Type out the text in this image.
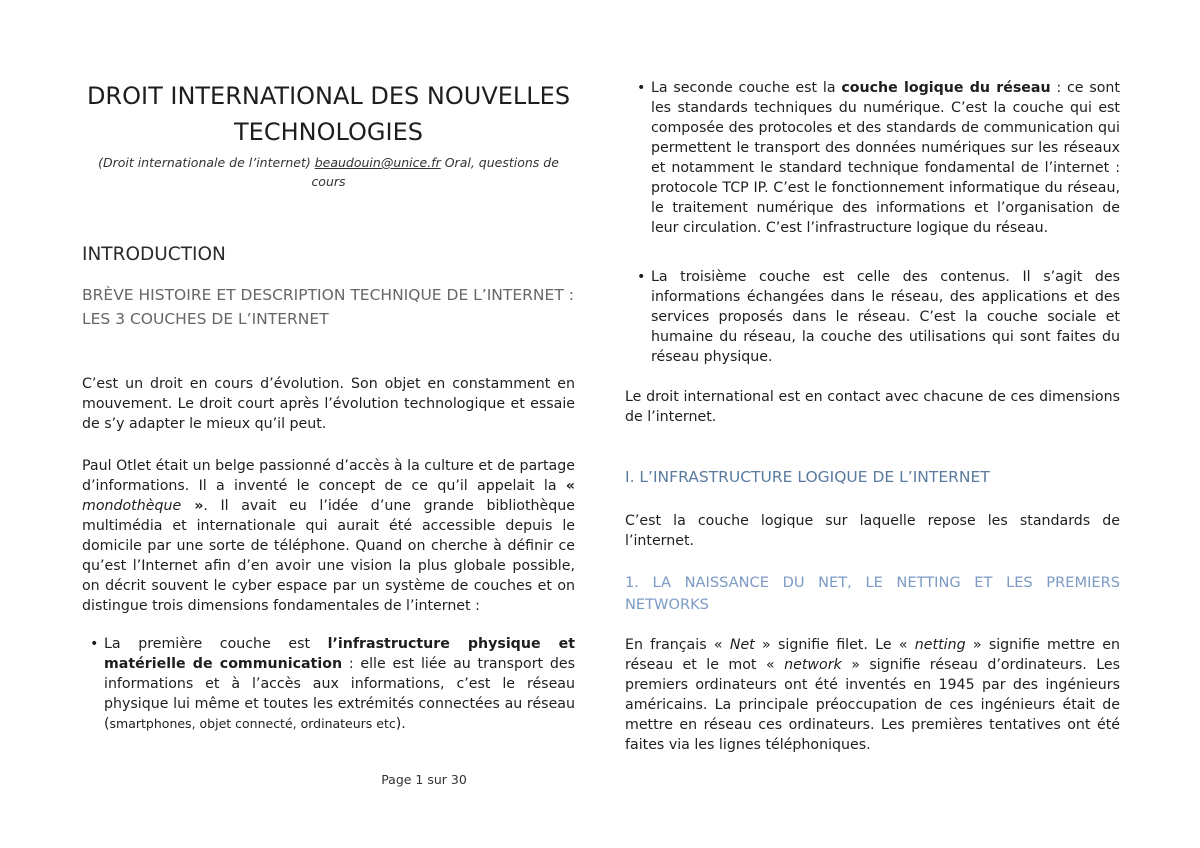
DROIT INTERNATIONAL DES NOUVELLES TECHNOLOGIES
(Droit internationale de l’internet) beaudouin@unice.fr Oral, questions de cours
INTRODUCTION
BRÈVE HISTOIRE ET DESCRIPTION TECHNIQUE DE L’INTERNET :
LES 3 COUCHES DE L’INTERNET

C’est un droit en cours d’évolution. Son objet en constamment en mouvement. Le droit court après l’évolution technologique et essaie de s’y adapter le mieux qu’il peut.

Paul Otlet était un belge passionné d’accès à la culture et de partage d’informations. Il a inventé le concept de ce qu’il appelait la « mondothèque ». Il avait eu l’idée d’une grande bibliothèque multimédia et internationale qui aurait été accessible depuis le domicile par une sorte de téléphone. Quand on cherche à définir ce qu’est l’Internet afin d’en avoir une vision la plus globale possible, on décrit souvent le cyber espace par un système de couches et on distingue trois dimensions fondamentales de l’internet :

• La première couche est l’infrastructure physique et matérielle de communication : elle est liée au transport des informations et à l’accès aux informations, c’est le réseau physique lui même et toutes les extrémités connectées au réseau (smartphones, objet connecté, ordinateurs etc).
• La seconde couche est la couche logique du réseau : ce sont les standards techniques du numérique. C’est la couche qui est composée des protocoles et des standards de communication qui permettent le transport des données numériques sur les réseaux et notamment le standard technique fondamental de l’internet : protocole TCP IP. C’est le fonctionnement informatique du réseau, le traitement numérique des informations et l’organisation de leur circulation. C’est l’infrastructure logique du réseau.
• La troisième couche est celle des contenus. Il s’agit des informations échangées dans le réseau, des applications et des services proposés dans le réseau. C’est la couche sociale et humaine du réseau, la couche des utilisations qui sont faites du réseau physique.

Le droit international est en contact avec chacune de ces dimensions de l’internet.

I. L’INFRASTRUCTURE LOGIQUE DE L’INTERNET

C’est la couche logique sur laquelle repose les standards de l’internet.

1. LA NAISSANCE DU NET, LE NETTING ET LES PREMIERS NETWORKS

En français « Net » signifie filet. Le « netting » signifie mettre en réseau et le mot « network » signifie réseau d’ordinateurs. Les premiers ordinateurs ont été inventés en 1945 par des ingénieurs américains. La principale préoccupation de ces ingénieurs était de mettre en réseau ces ordinateurs. Les premières tentatives ont été faites via les lignes téléphoniques.

Page 1 sur 30
